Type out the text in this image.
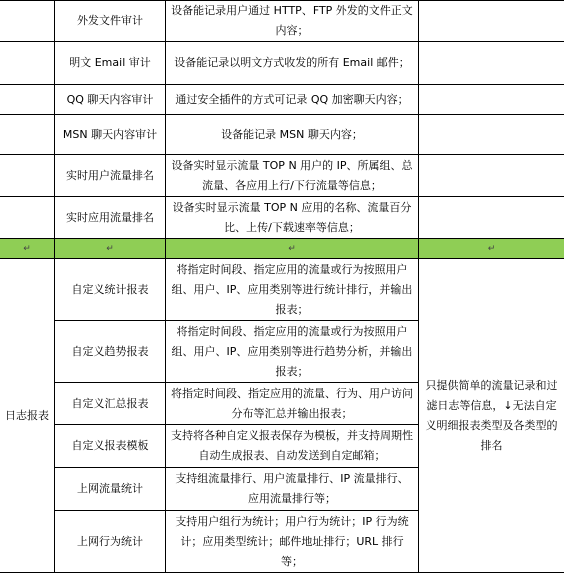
	外发文件审计	设备能记录用户通过 HTTP、FTP 外发的文件正文内容；	
	明文 Email 审计	设备能记录以明文方式收发的所有 Email 邮件；	
	QQ 聊天内容审计	通过安全插件的方式可记录 QQ 加密聊天内容；	
	MSN 聊天内容审计	设备能记录 MSN 聊天内容；	
	实时用户流量排名	设备实时显示流量 TOP N 用户的 IP、所属组、总流量、各应用上行/下行流量等信息；	
	实时应用流量排名	设备实时显示流量 TOP N 应用的名称、流量百分比、上传/下载速率等信息；	
↵	↵	↵	↵
日志报表	自定义统计报表	将指定时间段、指定应用的流量或行为按照用户组、用户、IP、应用类别等进行统计排行，并输出报表；	只提供简单的流量记录和过滤日志等信息，↓无法自定义明细报表类型及各类型的排名
	自定义趋势报表	将指定时间段、指定应用的流量或行为按照用户组、用户、IP、应用类别等进行趋势分析，并输出报表；	
	自定义汇总报表	将指定时间段、指定应用的流量、行为、用户访问分布等汇总并输出报表；	
	自定义报表模板	支持将各种自定义报表保存为模板，并支持周期性自动生成报表、自动发送到自定邮箱；	
	上网流量统计	支持组流量排行、用户流量排行、IP 流量排行、应用流量排行等；	
	上网行为统计	支持用户组行为统计；用户行为统计；IP 行为统计；应用类型统计；邮件地址排行；URL 排行等；	
